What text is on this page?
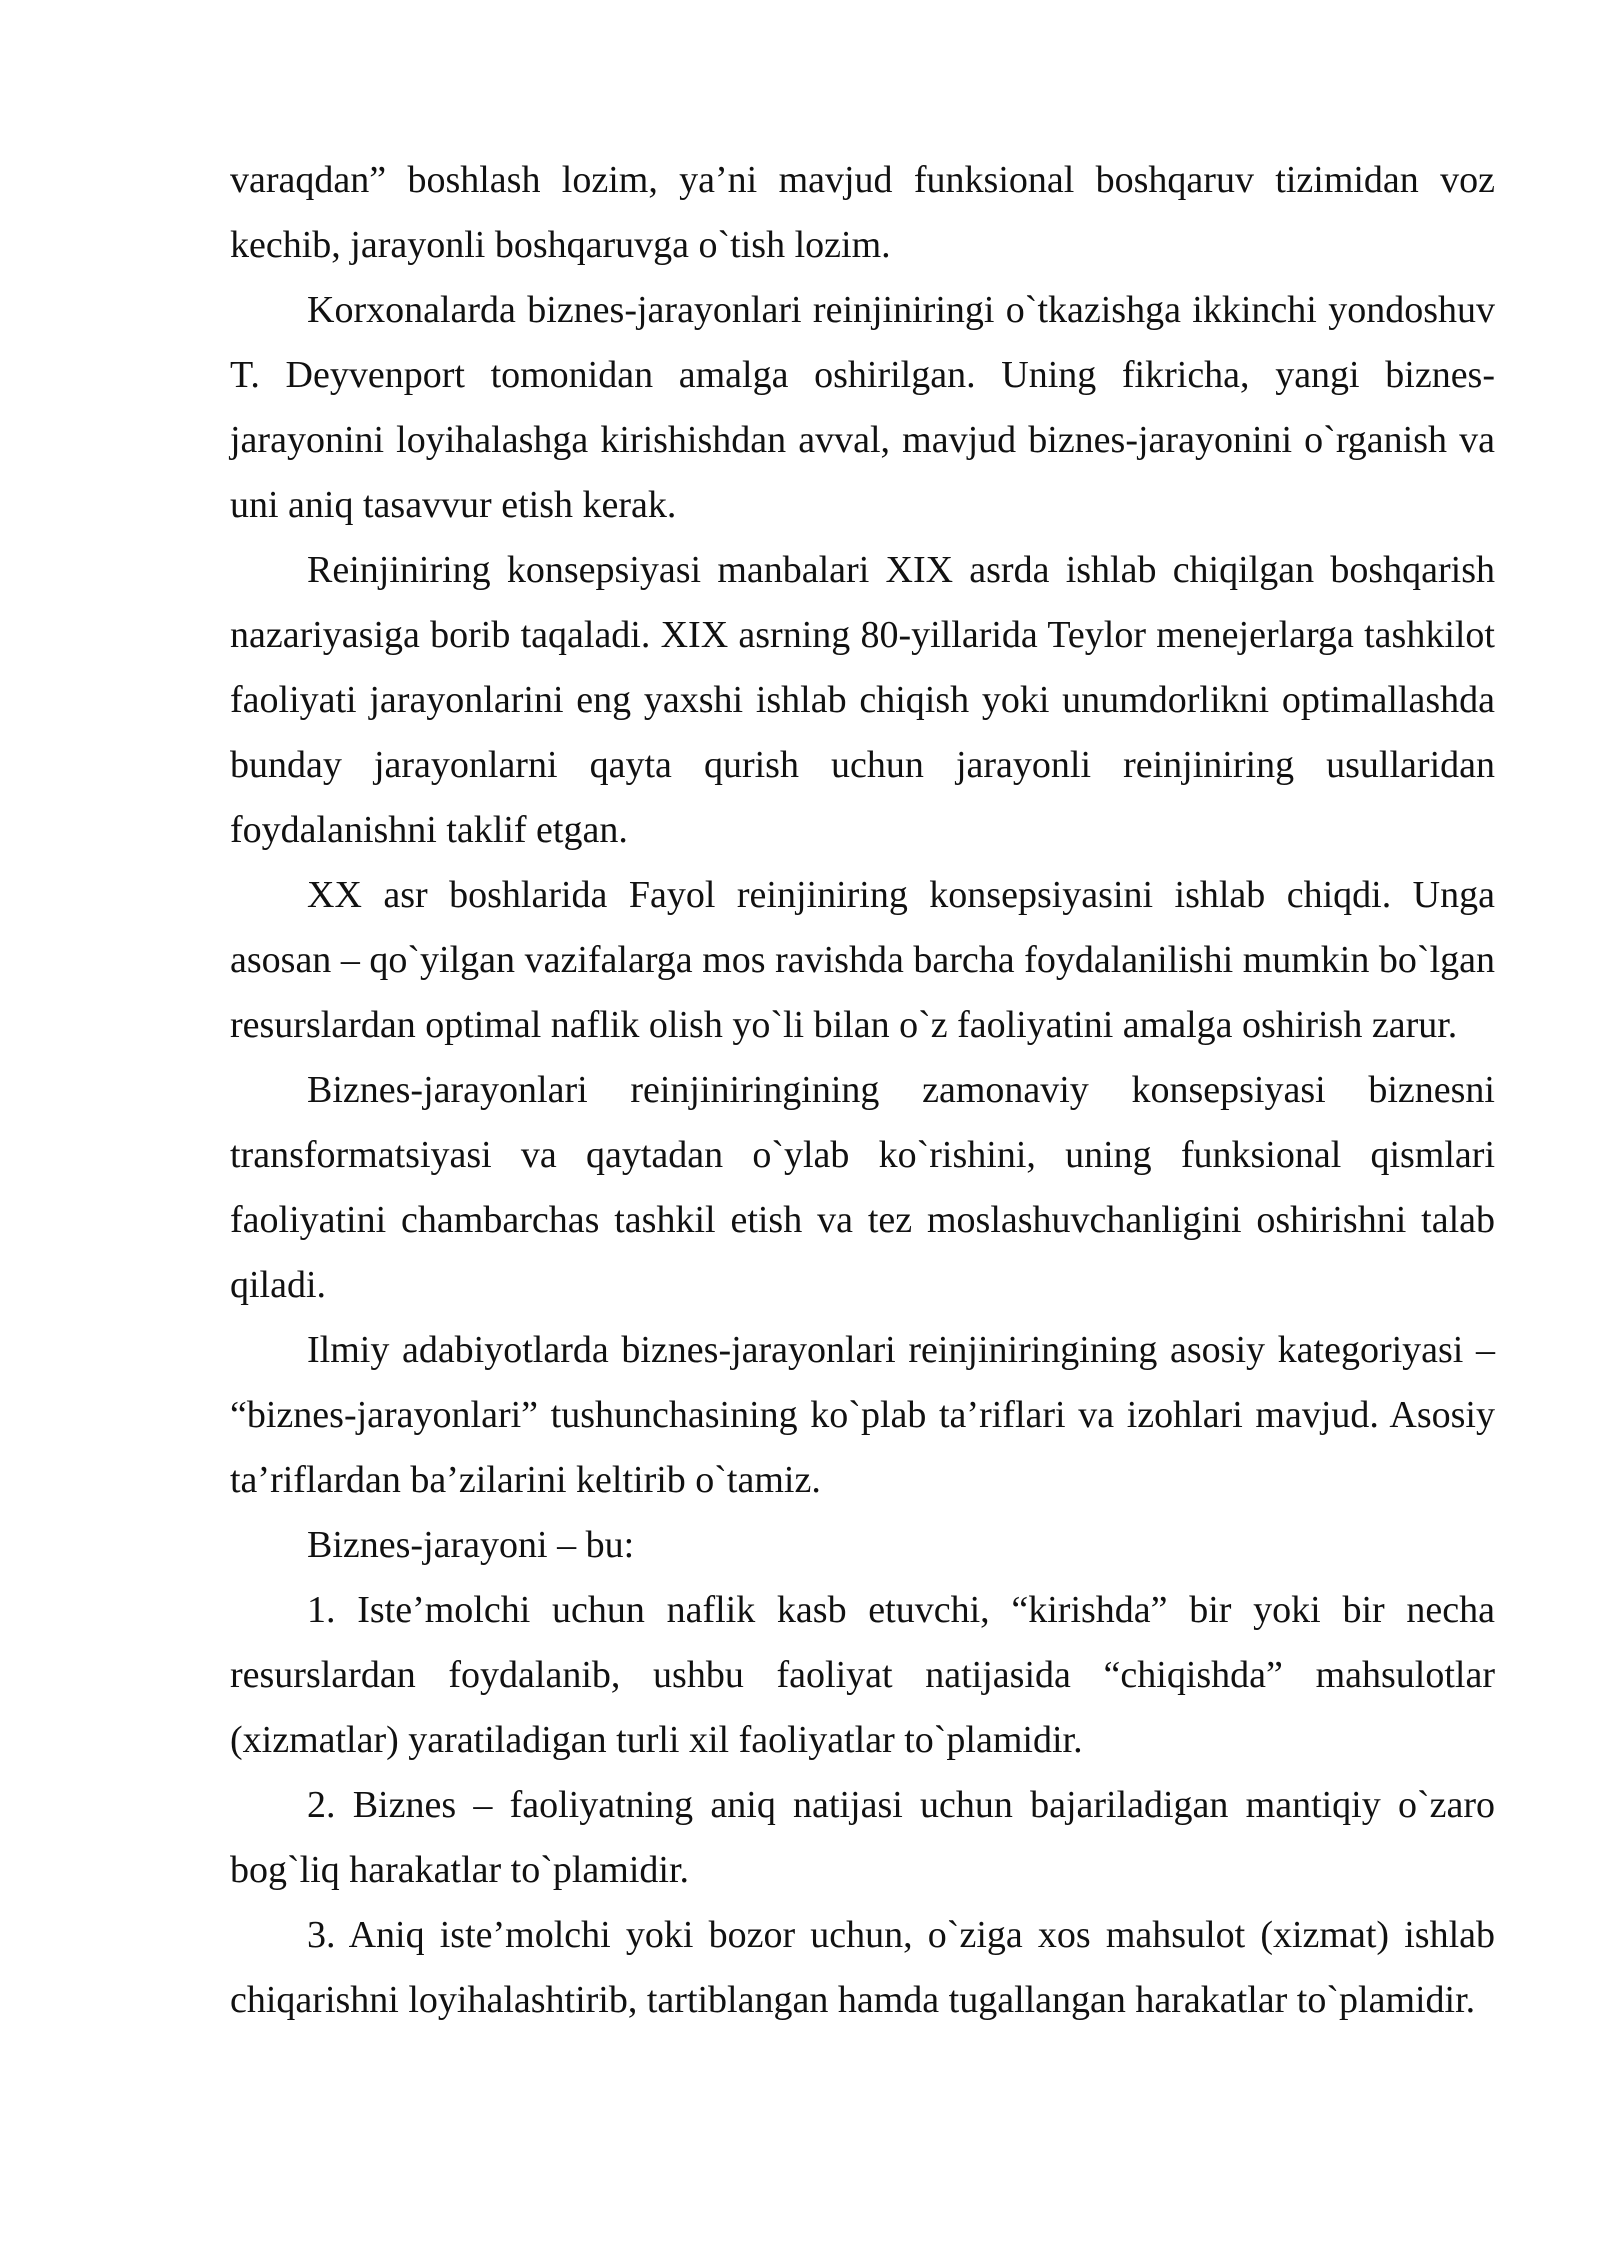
varaqdan” boshlash lozim, ya’ni mavjud funksional boshqaruv tizimidan voz kechib, jarayonli boshqaruvga o`tish lozim.

Korxonalarda biznes-jarayonlari reinjiniringi o`tkazishga ikkinchi yondoshuv T. Deyvenport tomonidan amalga oshirilgan. Uning fikricha, yangi biznes-jarayonini loyihalashga kirishishdan avval, mavjud biznes-jarayonini o`rganish va uni aniq tasavvur etish kerak.

Reinjiniring konsepsiyasi manbalari XIX asrda ishlab chiqilgan boshqarish nazariyasiga borib taqaladi. XIX asrning 80-yillarida Teylor menejerlarga tashkilot faoliyati jarayonlarini eng yaxshi ishlab chiqish yoki unumdorlikni optimallashda bunday jarayonlarni qayta qurish uchun jarayonli reinjiniring usullaridan foydalanishni taklif etgan.

XX asr boshlarida Fayol reinjiniring konsepsiyasini ishlab chiqdi. Unga asosan – qo`yilgan vazifalarga mos ravishda barcha foydalanilishi mumkin bo`lgan resurslardan optimal naflik olish yo`li bilan o`z faoliyatini amalga oshirish zarur.

Biznes-jarayonlari reinjiniringining zamonaviy konsepsiyasi biznesni transformatsiyasi va qaytadan o`ylab ko`rishini, uning funksional qismlari faoliyatini chambarchas tashkil etish va tez moslashuvchanligini oshirishni talab qiladi.

Ilmiy adabiyotlarda biznes-jarayonlari reinjiniringining asosiy kategoriyasi – “biznes-jarayonlari” tushunchasining ko`plab ta’riflari va izohlari mavjud. Asosiy ta’riflardan ba’zilarini keltirib o`tamiz.

Biznes-jarayoni – bu:

1. Iste’molchi uchun naflik kasb etuvchi, “kirishda” bir yoki bir necha resurslardan foydalanib, ushbu faoliyat natijasida “chiqishda” mahsulotlar (xizmatlar) yaratiladigan turli xil faoliyatlar to`plamidir.

2. Biznes – faoliyatning aniq natijasi uchun bajariladigan mantiqiy o`zaro bog`liq harakatlar to`plamidir.

3. Aniq iste’molchi yoki bozor uchun, o`ziga xos mahsulot (xizmat) ishlab chiqarishni loyihalashtirib, tartiblangan hamda tugallangan harakatlar to`plamidir.
